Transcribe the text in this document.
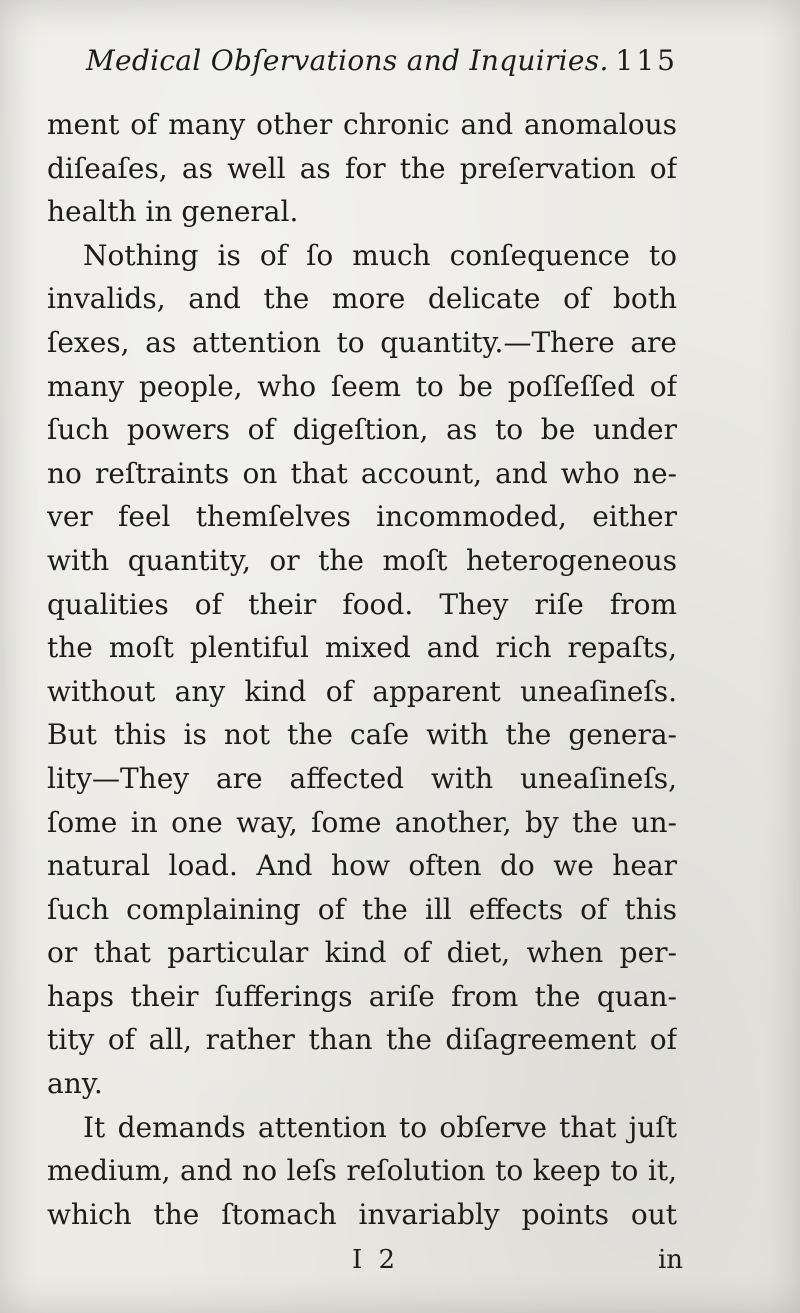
Medical Obſervations and Inquiries. 115
ment of many other chronic and anomalous
diſeaſes, as well as for the preſervation of
health in general.
Nothing is of ſo much conſequence to
invalids, and the more delicate of both
ſexes, as attention to quantity.—There are
many people, who ſeem to be poſſeſſed of
ſuch powers of digeſtion, as to be under
no reſtraints on that account, and who ne-
ver feel themſelves incommoded, either
with quantity, or the moſt heterogeneous
qualities of their food. They riſe from
the moſt plentiful mixed and rich repaſts,
without any kind of apparent uneaſineſs.
But this is not the caſe with the genera-
lity—They are affected with uneaſineſs,
ſome in one way, ſome another, by the un-
natural load. And how often do we hear
ſuch complaining of the ill effects of this
or that particular kind of diet, when per-
haps their ſufferings ariſe from the quan-
tity of all, rather than the diſagreement of
any.
It demands attention to obſerve that juſt
medium, and no leſs reſolution to keep to it,
which the ſtomach invariably points out
I 2	in
